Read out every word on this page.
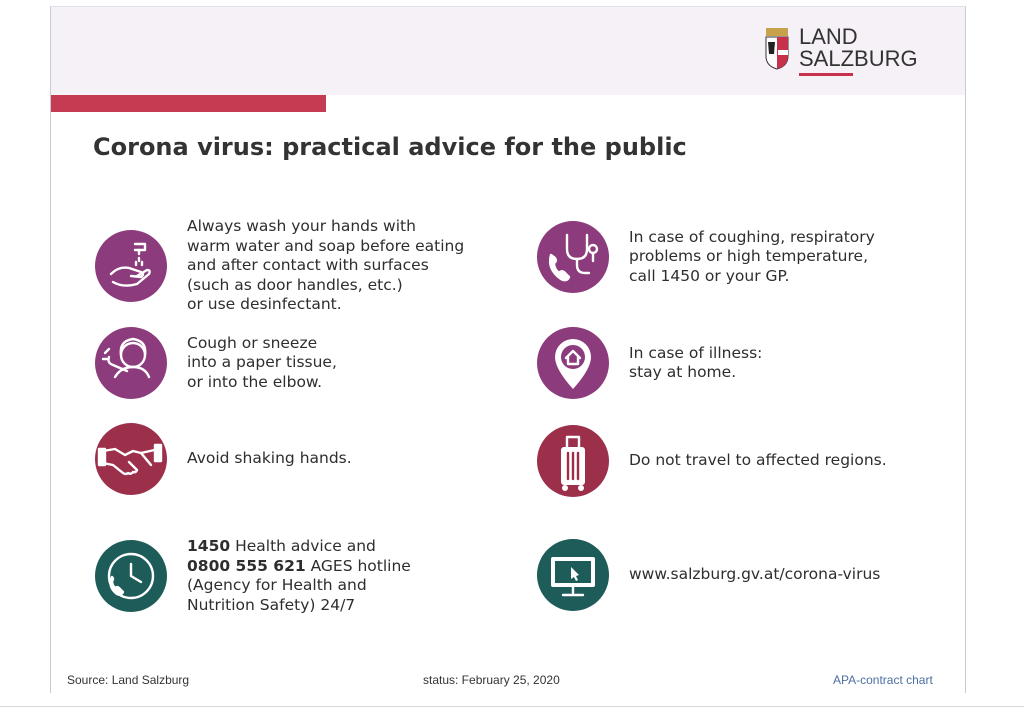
LAND
SALZBURG
Corona virus: practical advice for the public
Always wash your hands with
warm water and soap before eating
and after contact with surfaces
(such as door handles, etc.)
or use desinfectant.
Cough or sneeze
into a paper tissue,
or into the elbow.
Avoid shaking hands.
1450 Health advice and
0800 555 621 AGES hotline
(Agency for Health and
Nutrition Safety) 24/7
In case of coughing, respiratory
problems or high temperature,
call 1450 or your GP.
In case of illness:
stay at home.
Do not travel to affected regions.
www.salzburg.gv.at/corona-virus
Source: Land Salzburg	status: February 25, 2020	APA-contract chart
